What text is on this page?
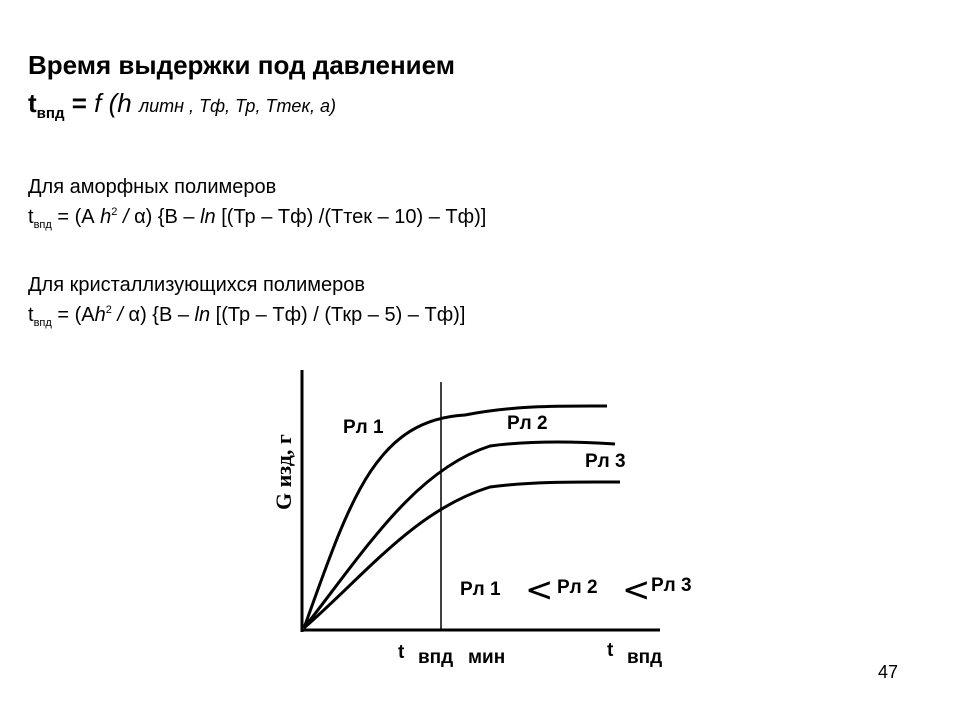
Время выдержки под давлением
$t_{впд} = f$ (h литн , Тф, Тр, Ттек, а)
Для аморфных полимеров
$t_{впд} = (А$ $h^2 / \alpha$) {В – ln [(Тр – Тф) /(Ттек – 10) – Тф)]
Для кристаллизующихся полимеров
$t_{впд} = (Аh^2 / \alpha)$ {В – ln [(Тр – Тф) / (Ткр – 5) – Тф)]
Рл 1	Рл 2
Рл 3
Рл 1 < Рл 2 < Рл 3
G изд, г
t впд мин	t впд
47
